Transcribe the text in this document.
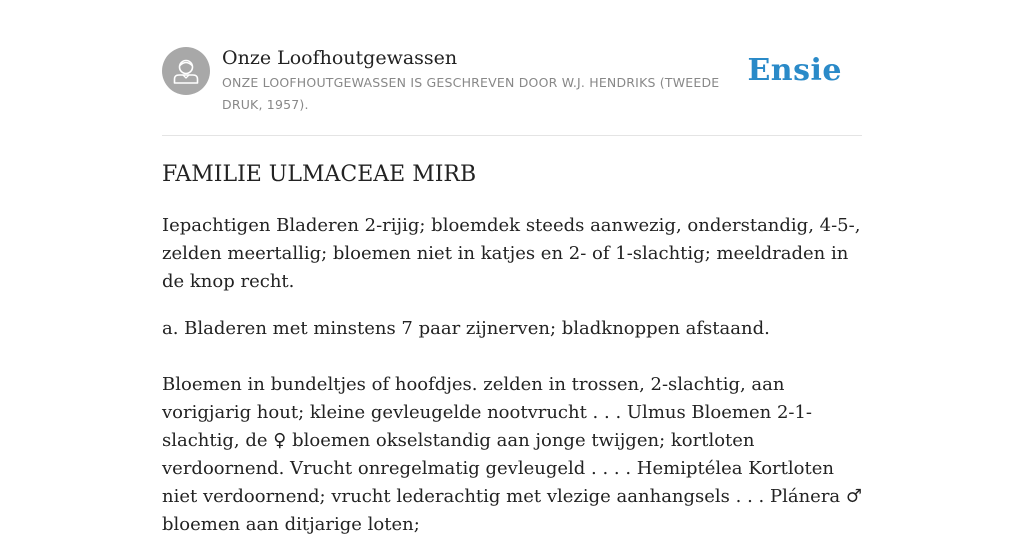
Onze Loofhoutgewassen
ONZE LOOFHOUTGEWASSEN IS GESCHREVEN DOOR W.J. HENDRIKS (TWEEDE DRUK, 1957).
Ensie
FAMILIE ULMACEAE MIRB

Iepachtigen Bladeren 2-rijig; bloemdek steeds aanwezig, onderstandig, 4-5-, zelden meertallig; bloemen niet in katjes en 2- of 1-slachtig; meeldraden in de knop recht.

a. Bladeren met minstens 7 paar zijnerven; bladknoppen afstaand.

Bloemen in bundeltjes of hoofdjes. zelden in trossen, 2-slachtig, aan vorigjarig hout; kleine gevleugelde nootvrucht . . . Ulmus Bloemen 2-1-slachtig, de ♀ bloemen okselstandig aan jonge twijgen; kortloten verdoornend. Vrucht onregelmatig gevleugeld . . . . Hemiptélea Kortloten niet verdoornend; vrucht lederachtig met vlezige aanhangsels . . . Plánera ♂ bloemen aan ditjarige loten;
